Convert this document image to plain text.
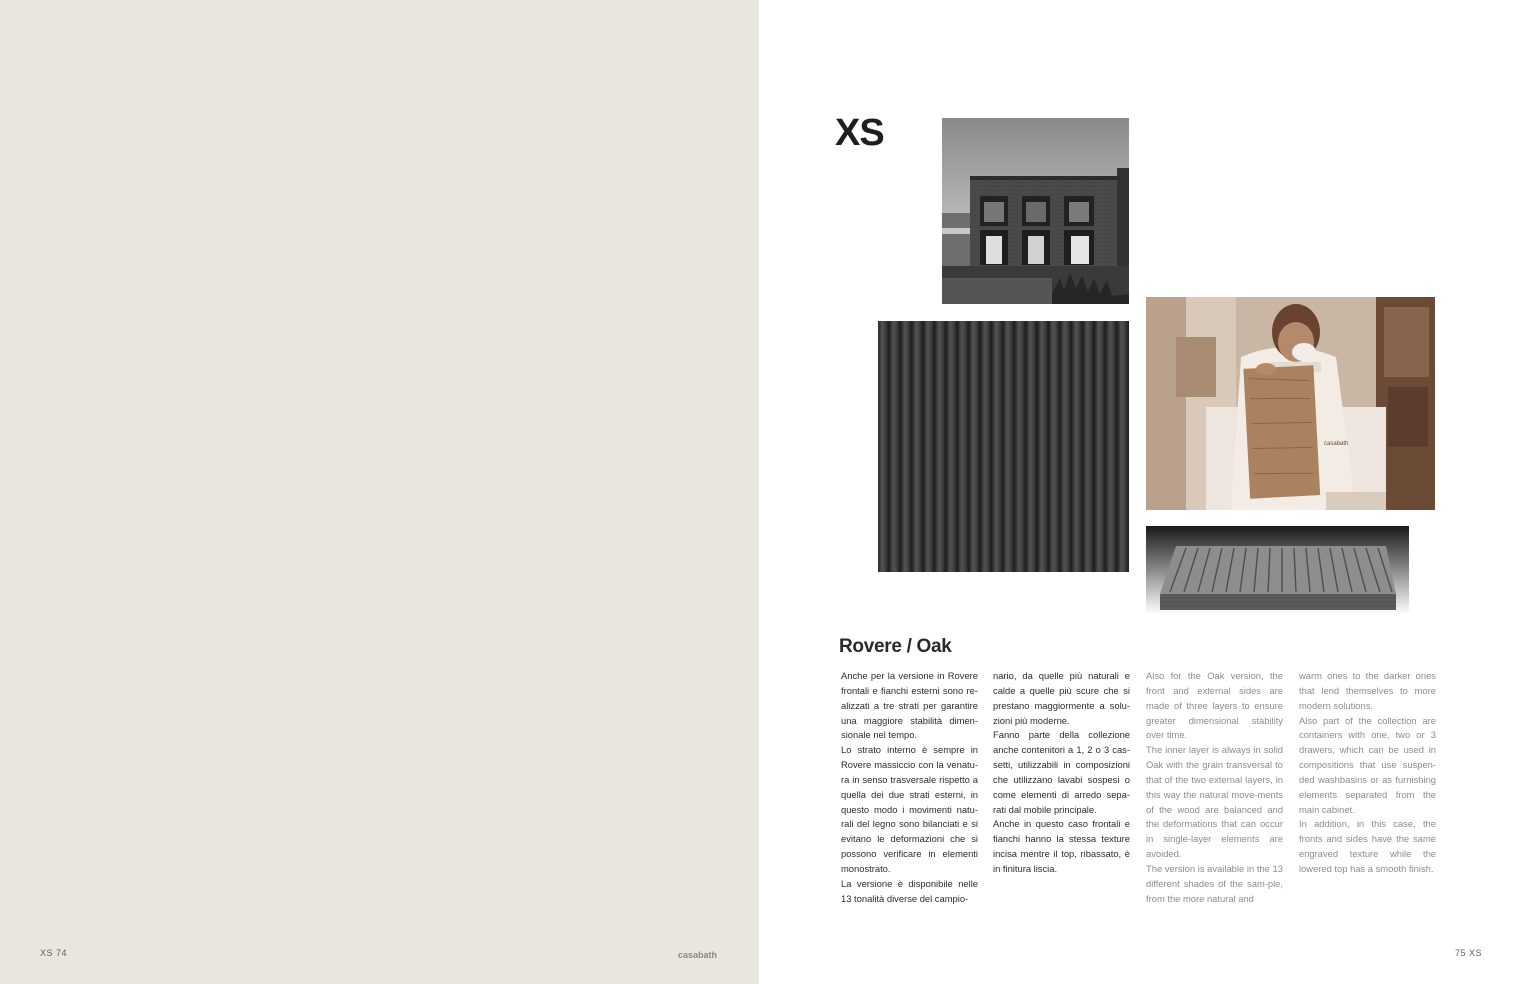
XS 74	casabath
XS
casabath
Rovere / Oak

Anche per la versione in Rovere frontali e fianchi esterni sono re-alizzati a tre strati per garantire una maggiore stabilità dimen-sionale nel tempo.

Lo strato interno è sempre in Rovere massiccio con la venatu-ra in senso trasversale rispetto a quella dei due strati esterni, in questo modo i movimenti natu-rali del legno sono bilanciati e si evitano le deformazioni che si possono verificare in elementi monostrato.

La versione è disponibile nelle 13 tonalità diverse del campio-

nario, da quelle più naturali e calde a quelle più scure che si prestano maggiormente a solu-zioni più moderne.

Fanno parte della collezione anche contenitori a 1, 2 o 3 cas-setti, utilizzabili in composizioni che utilizzano lavabi sospesi o come elementi di arredo sepa-rati dal mobile principale.

Anche in questo caso frontali e fianchi hanno la stessa texture incisa mentre il top, ribassato, è in finitura liscia.

Also for the Oak version, the front and external sides are made of three layers to ensure greater dimensional stability over time.

The inner layer is always in solid Oak with the grain transversal to that of the two external layers, in this way the natural move-ments of the wood are balanced and the deformations that can occur in single-layer elements are avoided.

The version is available in the 13 different shades of the sam-ple, from the more natural and

warm ones to the darker ones that lend themselves to more modern solutions.

Also part of the collection are containers with one, two or 3 drawers, which can be used in compositions that use suspen-ded washbasins or as furnishing elements separated from the main cabinet.

In addition, in this case, the fronts and sides have the same engraved texture while the lowered top has a smooth finish.

75 XS
